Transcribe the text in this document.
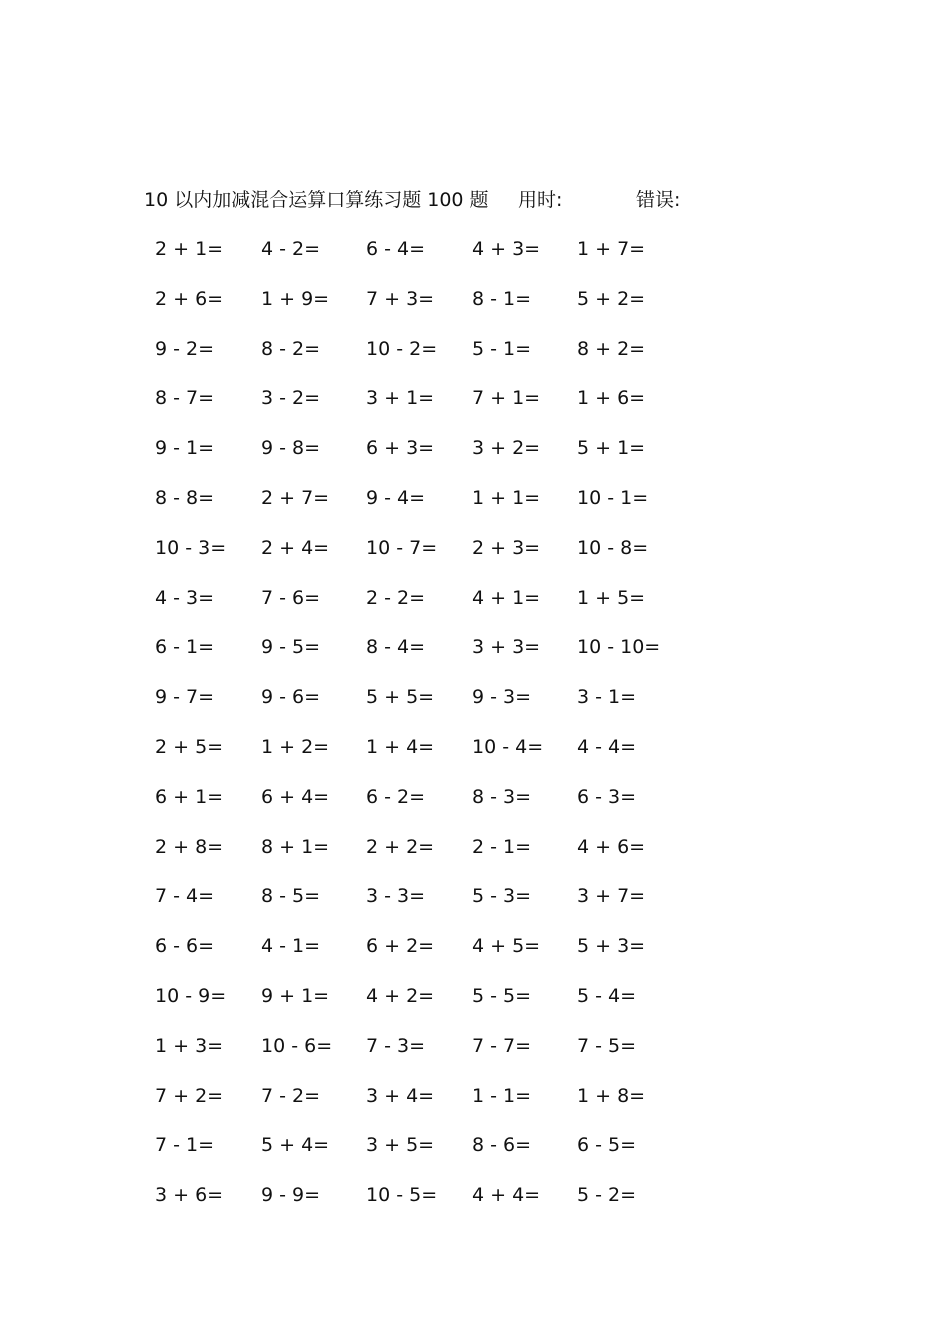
10 以内加减混合运算口算练习题 100 题 用时:	错误:
2 + 1= 4 - 2= 6 - 4= 4 + 3= 1 + 7=
2 + 6= 1 + 9= 7 + 3= 8 - 1= 5 + 2=
9 - 2= 8 - 2= 10 - 2= 5 - 1= 8 + 2=
8 - 7= 3 - 2= 3 + 1= 7 + 1= 1 + 6=
9 - 1= 9 - 8= 6 + 3= 3 + 2= 5 + 1=
8 - 8= 2 + 7= 9 - 4= 1 + 1= 10 - 1=
10 - 3= 2 + 4= 10 - 7= 2 + 3= 10 - 8=
4 - 3= 7 - 6= 2 - 2= 4 + 1= 1 + 5=
6 - 1= 9 - 5= 8 - 4= 3 + 3= 10 - 10=
9 - 7= 9 - 6= 5 + 5= 9 - 3= 3 - 1=
2 + 5= 1 + 2= 1 + 4= 10 - 4= 4 - 4=
6 + 1= 6 + 4= 6 - 2= 8 - 3= 6 - 3=
2 + 8= 8 + 1= 2 + 2= 2 - 1= 4 + 6=
7 - 4= 8 - 5= 3 - 3= 5 - 3= 3 + 7=
6 - 6= 4 - 1= 6 + 2= 4 + 5= 5 + 3=
10 - 9= 9 + 1= 4 + 2= 5 - 5= 5 - 4=
1 + 3= 10 - 6= 7 - 3= 7 - 7= 7 - 5=
7 + 2= 7 - 2= 3 + 4= 1 - 1= 1 + 8=
7 - 1= 5 + 4= 3 + 5= 8 - 6= 6 - 5=
3 + 6= 9 - 9= 10 - 5= 4 + 4= 5 - 2=
